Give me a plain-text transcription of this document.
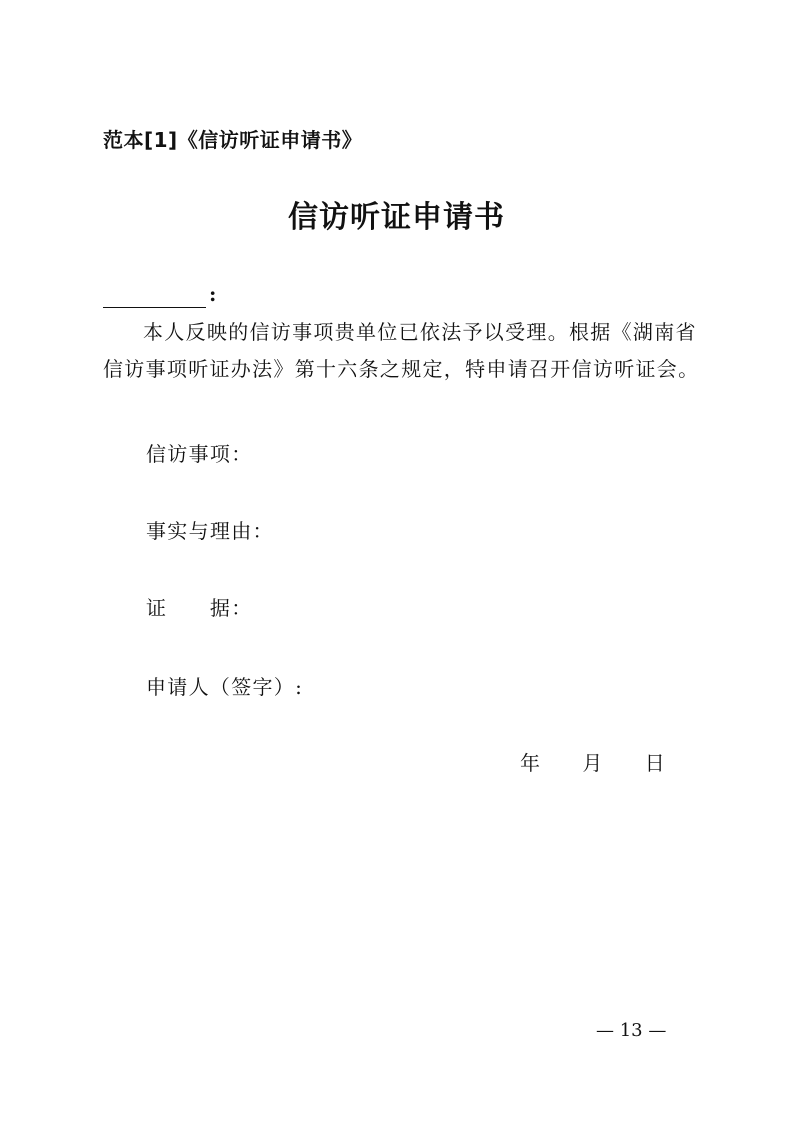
范本[1]《信访听证申请书》
信访听证申请书
:
本人反映的信访事项贵单位已依法予以受理。根据《湖南省
信访事项听证办法》第十六条之规定，特申请召开信访听证会。
信访事项：
事实与理由：
证　　据：
申请人（签字）:
年 月 日
— 13 —
